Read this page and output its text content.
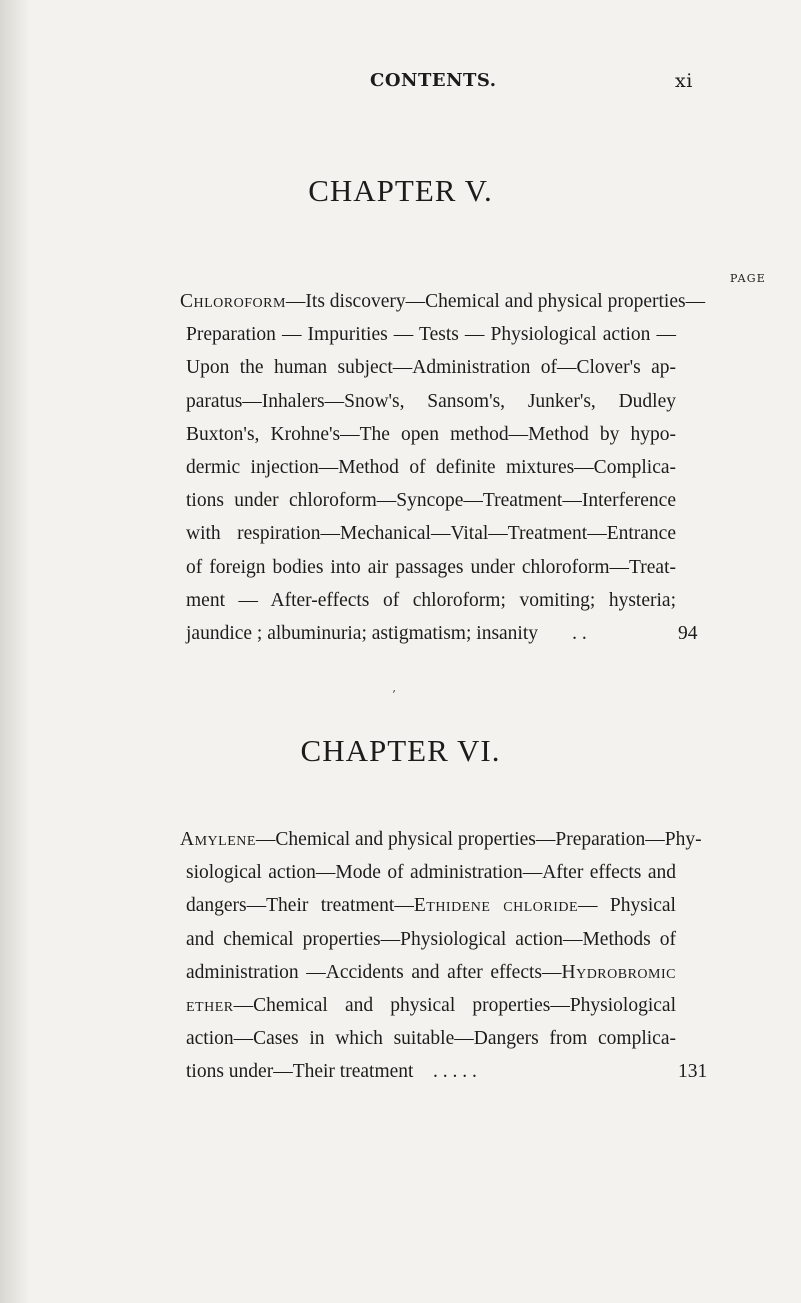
CONTENTS.	xi
CHAPTER V.
PAGE
Chloroform—Its discovery—Chemical and physical properties—
Preparation — Impurities — Tests — Physiological action —
Upon the human subject—Administration of—Clover's ap-
paratus—Inhalers—Snow's, Sansom's, Junker's, Dudley
Buxton's, Krohne's—The open method—Method by hypo-
dermic injection—Method of definite mixtures—Complica-
tions under chloroform—Syncope—Treatment—Interference
with respiration—Mechanical—Vital—Treatment—Entrance
of foreign bodies into air passages under chloroform—Treat-
ment — After-effects of chloroform; vomiting; hysteria;
jaundice ; albuminuria; astigmatism; insanity . .	94
’
CHAPTER VI.
Amylene—Chemical and physical properties—Preparation—Phy-
siological action—Mode of administration—After effects and
dangers—Their treatment—Ethidene chloride— Physical
and chemical properties—Physiological action—Methods of
administration —Accidents and after effects—Hydrobromic
ether—Chemical and physical properties—Physiological
action—Cases in which suitable—Dangers from complica-
tions under—Their treatment . . . . .	131
